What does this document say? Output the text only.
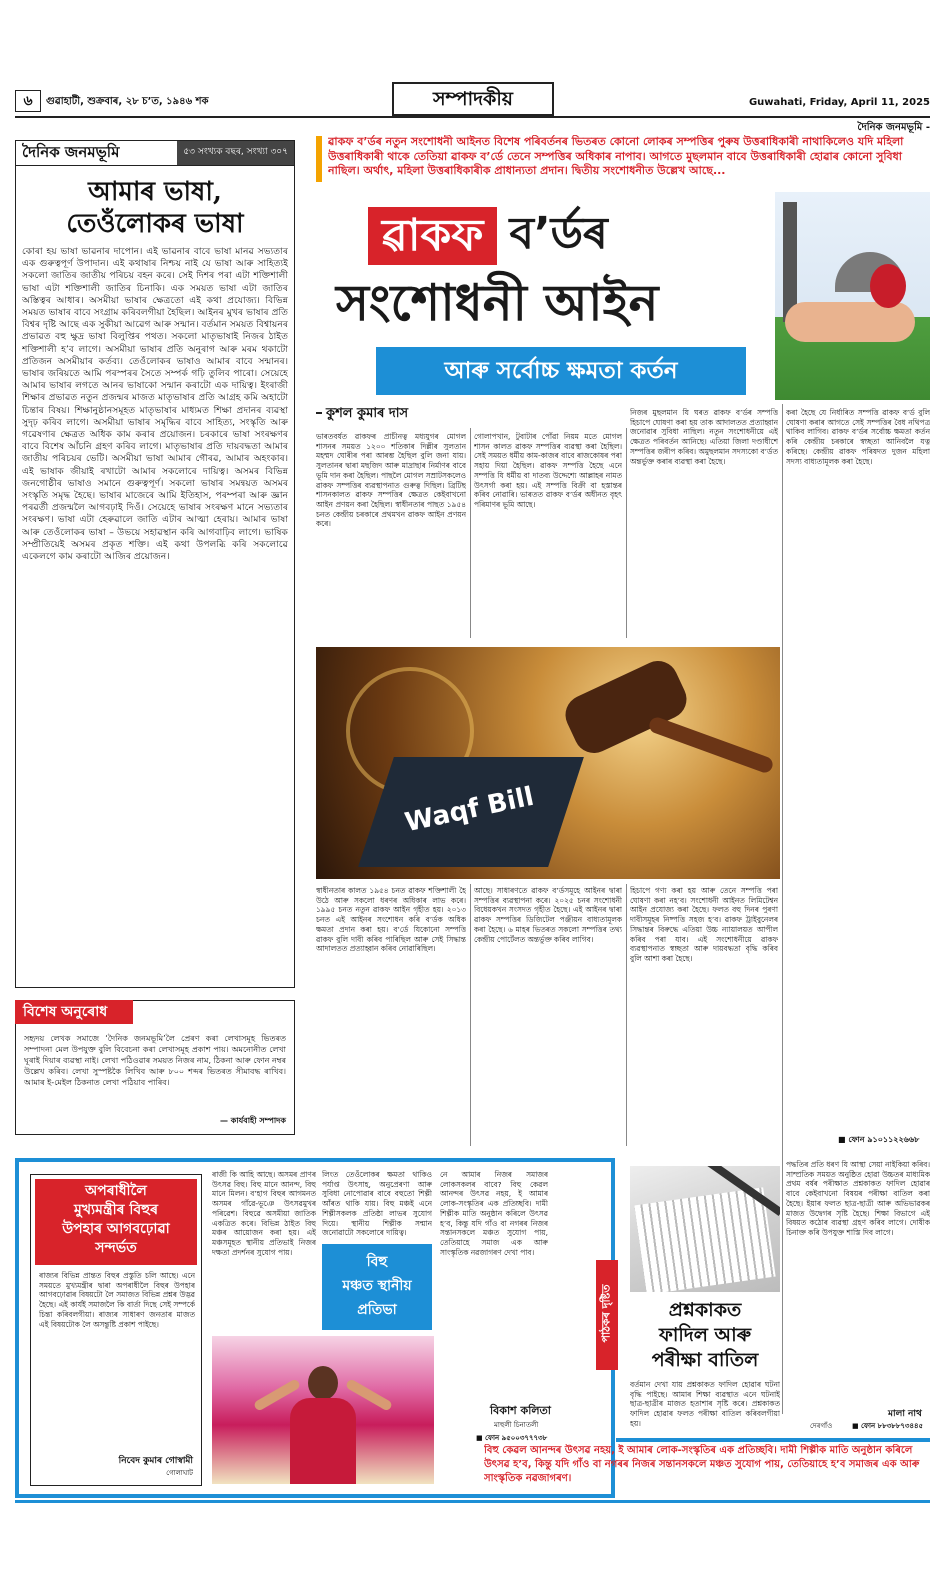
৬	গুৱাহাটী, শুক্ৰবাৰ, ২৮ চ’ত, ১৯৪৬ শক	সম্পাদকীয়	Guwahati, Friday, April 11, 2025
দৈনিক জনমভূমি -
দৈনিক জনমভূমি	৫৩ সংখ্যক বছৰ, সংখ্যা ৩০৭
আমাৰ ভাষা,
তেওঁলোকৰ ভাষা
কোৰা হয় ভাষা ভাৱনাৰ দাপোন। এই ভাৱনাৰ বাবে ভাষা মানৱ সভ্যতাৰ এক গুৰুত্বপূৰ্ণ উপাদান। এই কথাষাৰ নিশ্চয় নাই যে ভাষা আৰু সাহিত্যই সকলো জাতিৰ জাতীয় পৰিচয় বহন কৰে। সেই দিশৰ পৰা এটা শক্তিশালী ভাষা এটা শক্তিশালী জাতিৰ চিনাকি। এক সময়ত ভাষা এটা জাতিৰ অস্তিত্বৰ আধাৰ। অসমীয়া ভাষাৰ ক্ষেত্ৰতো এই কথা প্ৰযোজ্য। বিভিন্ন সময়ত ভাষাৰ বাবে সংগ্ৰাম কৰিবলগীয়া হৈছিল। আইনৰ মুখৰ ভাষাৰ প্ৰতি বিশ্বৰ দৃষ্টি আছে এক সুকীয়া আৱেগ আৰু সন্মান। বৰ্তমান সময়ত বিশ্বায়নৰ প্ৰভাৱত বহু ক্ষুদ্ৰ ভাষা বিলুপ্তিৰ পথত। সকলো মাতৃভাষাই নিজৰ ঠাইত শক্তিশালী হ’ব লাগে। অসমীয়া ভাষাৰ প্ৰতি অনুৰাগ আৰু মৰম থকাটো প্ৰতিজন অসমীয়াৰ কৰ্তব্য। তেওঁলোকৰ ভাষাও আমাৰ বাবে সন্মানৰ। ভাষাৰ জৰিয়তে আমি পৰস্পৰৰ সৈতে সম্পৰ্ক গঢ়ি তুলিব পাৰো। সেয়েহে আমাৰ ভাষাৰ লগতে আনৰ ভাষাকো সন্মান কৰাটো এক দায়িত্ব। ইংৰাজী শিক্ষাৰ প্ৰভাৱত নতুন প্ৰজন্মৰ মাজত মাতৃভাষাৰ প্ৰতি আগ্ৰহ কমি অহাটো চিন্তাৰ বিষয়। শিক্ষানুষ্ঠানসমূহত মাতৃভাষাৰ মাধ্যমত শিক্ষা প্ৰদানৰ ব্যৱস্থা সুদৃঢ় কৰিব লাগে। অসমীয়া ভাষাৰ সমৃদ্ধিৰ বাবে সাহিত্য, সংস্কৃতি আৰু গৱেষণাৰ ক্ষেত্ৰত অধিক কাম কৰাৰ প্ৰয়োজন। চৰকাৰে ভাষা সংৰক্ষণৰ বাবে বিশেষ আঁচনি গ্ৰহণ কৰিব লাগে। মাতৃভাষাৰ প্ৰতি দায়বদ্ধতা আমাৰ জাতীয় পৰিচয়ৰ ভেটি। অসমীয়া ভাষা আমাৰ গৌৰৱ, আমাৰ অহংকাৰ। এই ভাষাক জীয়াই ৰখাটো আমাৰ সকলোৰে দায়িত্ব। অসমৰ বিভিন্ন জনগোষ্ঠীৰ ভাষাও সমানে গুৰুত্বপূৰ্ণ। সকলো ভাষাৰ সমন্বয়ত অসমৰ সংস্কৃতি সমৃদ্ধ হৈছে। ভাষাৰ মাজেৰে আমি ইতিহাস, পৰম্পৰা আৰু জ্ঞান পৰৱৰ্তী প্ৰজন্মলৈ আগবঢ়াই দিওঁ। সেয়েহে ভাষাৰ সংৰক্ষণ মানে সভ্যতাৰ সংৰক্ষণ। ভাষা এটা হেৰুৱালে জাতি এটাৰ আত্মা হেৰায়। আমাৰ ভাষা আৰু তেওঁলোকৰ ভাষা – উভয়ে সহাৱস্থান কৰি আগবাঢ়িব লাগে। ভাষিক সম্প্ৰীতিয়েই অসমৰ প্ৰকৃত শক্তি। এই কথা উপলব্ধি কৰি সকলোৱে একেলগে কাম কৰাটো আজিৰ প্ৰয়োজন।
বিশেষ অনুৰোধ
সহৃদয় লেখক সমাজে ‘দৈনিক জনমভূমি’লৈ প্ৰেৰণ কৰা লেখাসমূহ ভিতৰত সম্পাদনা মেল উপযুক্ত বুলি বিবেচনা কৰা লেখাসমূহ প্ৰকাশ পায়। অমনোনীত লেখা ঘূৰাই দিয়াৰ ব্যৱস্থা নাই। লেখা পঠিওৱাৰ সময়ত নিজৰ নাম, ঠিকনা আৰু ফোন নম্বৰ উল্লেখ কৰিব। লেখা সুস্পষ্টকৈ লিখিব আৰু ৮০০ শব্দৰ ভিতৰত সীমাবদ্ধ ৰাখিব। আমাৰ ই-মেইল ঠিকনাত লেখা পঠিয়াব পাৰিব।
— কাৰ্যবাহী সম্পাদক
ৱাকফ ব’ৰ্ডৰ নতুন সংশোধনী আইনত বিশেষ পৰিবৰ্তনৰ ভিতৰত কোনো লোকৰ সম্পত্তিৰ পুৰুষ উত্তৰাধিকাৰী নাথাকিলেও যদি মহিলা উত্তৰাধিকাৰী থাকে তেতিয়া ৱাকফ ব’ৰ্ডে তেনে সম্পত্তিৰ অধিকাৰ নাপাব। আগতে মুছলমান বাবে উত্তৰাধিকাৰী হোৱাৰ কোনো সুবিধা নাছিল। অৰ্থাৎ, মহিলা উত্তৰাধিকাৰীক প্ৰাধান্যতা প্ৰদান। দ্বিতীয় সংশোধনীত উল্লেখ আছে...
ৱাকফ ব’ৰ্ডৰ
সংশোধনী আইন
আৰু সৰ্বোচ্চ ক্ষমতা কৰ্তন
কুশল কুমাৰ দাস
ভাৰতবৰ্ষত ৱাকফৰ প্ৰাচীনত্ব মধ্যযুগৰ মোগল শাসনৰ সময়ত ১২০০ শতিকাৰ দিল্লীৰ সুলতান মহম্মদ ঘোৰীৰ পৰা আৰম্ভ হৈছিল বুলি জনা যায়। সুলতানৰ দ্বাৰা মছজিদ আৰু মাদ্ৰাছাৰ নিৰ্মাণৰ বাবে ভূমি দান কৰা হৈছিল। পাছলৈ মোগল সম্ৰাটসকলেও ৱাকফ সম্পত্তিৰ ব্যৱস্থাপনাত গুৰুত্ব দিছিল। ব্ৰিটিছ শাসনকালত ৱাকফ সম্পত্তিৰ ক্ষেত্ৰত কেইবাখনো আইন প্ৰণয়ন কৰা হৈছিল। স্বাধীনতাৰ পাছত ১৯৫৪ চনত কেন্দ্ৰীয় চৰকাৰে প্ৰথমখন ৱাকফ আইন প্ৰণয়ন কৰে।
গোলাপখান, টুবাটাৰ পোঁৱা নিয়ম মতে মোগল শাসন কালত ৱাকফ সম্পত্তিৰ ব্যৱস্থা কৰা হৈছিল। সেই সময়ত ধৰ্মীয় কাম-কাজৰ বাবে ৰাজকোষৰ পৰা সহায় দিয়া হৈছিল। ৱাকফ সম্পত্তি হৈছে এনে সম্পত্তি যি ধৰ্মীয় বা দাতব্য উদ্দেশ্যে আল্লাহৰ নামত উৎসৰ্গা কৰা হয়। এই সম্পত্তি বিক্ৰী বা হস্তান্তৰ কৰিব নোৱাৰি। ভাৰতত ৱাকফ ব’ৰ্ডৰ অধীনত বৃহৎ পৰিমাণৰ ভূমি আছে।
নিজৰ মুছলমান যি ঘৰত ৱাকফ ব’ৰ্ডৰ সম্পত্তি হিচাপে ঘোষণা কৰা হয় তাক আদালতত প্ৰত্যাহ্বান জনোৱাৰ সুবিধা নাছিল। নতুন সংশোধনীয়ে এই ক্ষেত্ৰত পৰিবৰ্তন আনিছে। এতিয়া জিলা দণ্ডাধীশে সম্পত্তিৰ জৰীপ কৰিব। অমুছলমান সদস্যকো ব’ৰ্ডত অন্তৰ্ভুক্ত কৰাৰ ব্যৱস্থা কৰা হৈছে।
কৰা হৈছে যে নিৰ্ধাৰিত সম্পত্তি ৱাকফ ব’ৰ্ড বুলি ঘোষণা কৰাৰ আগতে সেই সম্পত্তিৰ বৈধ নথিপত্ৰ থাকিব লাগিব। ৱাকফ ব’ৰ্ডৰ সৰ্বোচ্চ ক্ষমতা কৰ্তন কৰি কেন্দ্ৰীয় চৰকাৰে স্বচ্ছতা আনিবলৈ যত্ন কৰিছে। কেন্দ্ৰীয় ৱাকফ পৰিষদত দুজন মহিলা সদস্য বাধ্যতামূলক কৰা হৈছে।
Waqf Bill
স্বাধীনতাৰ কালত ১৯৫৪ চনত ৱাকফ শক্তিশালী হৈ উঠে আৰু সকলো ধৰণৰ অধিকাৰ লাভ কৰে। ১৯৯৫ চনত নতুন ৱাকফ আইন গৃহীত হয়। ২০১৩ চনত এই আইনৰ সংশোধন কৰি ব’ৰ্ডক অধিক ক্ষমতা প্ৰদান কৰা হয়। ব’ৰ্ডে যিকোনো সম্পত্তি ৱাকফ বুলি দাবী কৰিব পাৰিছিল আৰু সেই সিদ্ধান্ত আদালতত প্ৰত্যাহ্বান কৰিব নোৱাৰিছিল।
আছে। সাধাৰণতে ৱাকফ ব’ৰ্ডসমূহে আইনৰ দ্বাৰা সম্পত্তিৰ ব্যৱস্থাপনা কৰে। ২০২৫ চনৰ সংশোধনী বিধেয়কখন সংসদত গৃহীত হৈছে। এই আইনৰ দ্বাৰা ৱাকফ সম্পত্তিৰ ডিজিটেল পঞ্জীয়ন বাধ্যতামূলক কৰা হৈছে। ৬ মাহৰ ভিতৰত সকলো সম্পত্তিৰ তথ্য কেন্দ্ৰীয় পোৰ্টেলত অন্তৰ্ভুক্ত কৰিব লাগিব।
হিচাপে গণ্য কৰা হয় আৰু তেনে সম্পত্তি পৰা ঘোষণা কৰা নহ’ব। সংশোধনী আইনত লিমিটেশ্বন আইন প্ৰযোজ্য কৰা হৈছে। ফলত বহু দিনৰ পুৰণা দাবীসমূহৰ নিষ্পত্তি সহজ হ’ব। ৱাকফ ট্ৰাইবুনেলৰ সিদ্ধান্তৰ বিৰুদ্ধে এতিয়া উচ্চ ন্যায়ালয়ত আপীল কৰিব পৰা যাব। এই সংশোধনীয়ে ৱাকফ ব্যৱস্থাপনাত স্বচ্ছতা আৰু দায়বদ্ধতা বৃদ্ধি কৰিব বুলি আশা কৰা হৈছে।
■ ফোন ৯১০১১২২৬৬৮
অপৰাধীলৈ
মুখ্যমন্ত্ৰীৰ বিহুৰ
উপহাৰ আগবঢ়োৱা
সন্দৰ্ভত
ৰাজ্যৰ বিভিন্ন প্ৰান্তত বিহুৰ প্ৰস্তুতি চলি আছে। এনে সময়তে মুখ্যমন্ত্ৰীৰ দ্বাৰা অপৰাধীলৈ বিহুৰ উপহাৰ আগবঢ়োৱাৰ বিষয়টো লৈ সমাজত বিভিন্ন প্ৰশ্নৰ উদ্ভৱ হৈছে। এই কাৰ্যই সমাজলৈ কি বাৰ্তা দিছে সেই সম্পৰ্কে চিন্তা কৰিবলগীয়া। ৰাজ্যৰ সাধাৰণ জনতাৰ মাজত এই বিষয়টোক লৈ অসন্তুষ্টি প্ৰকাশ পাইছে।
নিবেদ কুমাৰ গোস্বামী
গোলাঘাট
ৰাজী কি আহি আছে। অসমৰ প্ৰাণৰ উৎসৱ বিহু। বিহু মানে আনন্দ, বিহু মানে মিলন। ব’হাগ বিহুৰ আগমনত অসমৰ গাঁৱে-ভূঞে উৎসৱমুখৰ পৰিৱেশ। বিহুৱে অসমীয়া জাতিক একত্ৰিত কৰে। বিভিন্ন ঠাইত বিহু মঞ্চৰ আয়োজন কৰা হয়। এই মঞ্চসমূহত স্থানীয় প্ৰতিভাই নিজৰ দক্ষতা প্ৰদৰ্শনৰ সুযোগ পায়।
লিংত তেওঁলোকৰ ক্ষমতা থাকিও পৰ্যাপ্ত উৎসাহ, অনুপ্ৰেৰণা আৰু সুবিধা নোপোৱাৰ বাবে বহুতো শিল্পী আঁৰত থাকি যায়। বিহু মঞ্চই এনে শিল্পীসকলক প্ৰতিষ্ঠা লাভৰ সুযোগ দিয়ে। স্থানীয় শিল্পীক সন্মান জনোৱাটো সকলোৰে দায়িত্ব।
বিহু
মঞ্চত স্থানীয়
প্ৰতিভা
নে আমাৰ নিজৰ সমাজৰ লোকসকলৰ বাবে? বিহু কেৱল আনন্দৰ উৎসৱ নহয়, ই আমাৰ লোক-সংস্কৃতিৰ এক প্ৰতিচ্ছবি। দামী শিল্পীক মাতি অনুষ্ঠান কৰিলে উৎসৱ হ’ব, কিন্তু যদি গাঁও বা নগৰৰ নিজৰ সন্তানসকলে মঞ্চত সুযোগ পায়, তেতিয়াহে সমাজ এক আৰু সাংস্কৃতিক নৱজাগৰণ দেখা পাব।
বিকাশ কলিতা
মাহুলী চিনাতলী
■ ফোন ৯৫০০৩৭৭৭৩৮
পাঠকৰ দৃষ্টিত	প্ৰশ্নকাকত
ফাদিল আৰু
পৰীক্ষা বাতিল
বৰ্তমান দেখা যায় প্ৰশ্নকাকত ফাদিল হোৱাৰ ঘটনা বৃদ্ধি পাইছে। আমাৰ শিক্ষা ব্যৱস্থাত এনে ঘটনাই ছাত্ৰ-ছাত্ৰীৰ মাজত হতাশাৰ সৃষ্টি কৰে। প্ৰশ্নকাকত ফাদিল হোৱাৰ ফলত পৰীক্ষা বাতিল কৰিবলগীয়া হয়।
পদ্ধতিৰ প্ৰতি ধৰণ যি আস্থা সেয়া নাইকিয়া কৰিব। সাম্প্ৰতিক সময়ত অনুষ্ঠিত হোৱা উচ্চতৰ মাধ্যমিক প্ৰথম বৰ্ষৰ পৰীক্ষাত প্ৰশ্নকাকত ফাদিল হোৱাৰ বাবে কেইবাখনো বিষয়ৰ পৰীক্ষা বাতিল কৰা হৈছে। ইয়াৰ ফলত ছাত্ৰ-ছাত্ৰী আৰু অভিভাৱকৰ মাজত উদ্বেগৰ সৃষ্টি হৈছে। শিক্ষা বিভাগে এই বিষয়ত কঠোৰ ব্যৱস্থা গ্ৰহণ কৰিব লাগে। দোষীক চিনাক্ত কৰি উপযুক্ত শাস্তি দিব লাগে।
মালা নাথ
দেৰগাঁও	■ ফোন ৮৮৩৮৮৭৩৪৪৫
বিহু কেৱল আনন্দৰ উৎসৱ নহয়, ই আমাৰ লোক-সংস্কৃতিৰ এক প্ৰতিচ্ছবি। দামী শিল্পীক মাতি অনুষ্ঠান কৰিলে উৎসৱ হ’ব, কিন্তু যদি গাঁও বা নগৰৰ নিজৰ সন্তানসকলে মঞ্চত সুযোগ পায়, তেতিয়াহে হ’ব সমাজৰ এক আৰু সাংস্কৃতিক নৱজাগৰণ।
